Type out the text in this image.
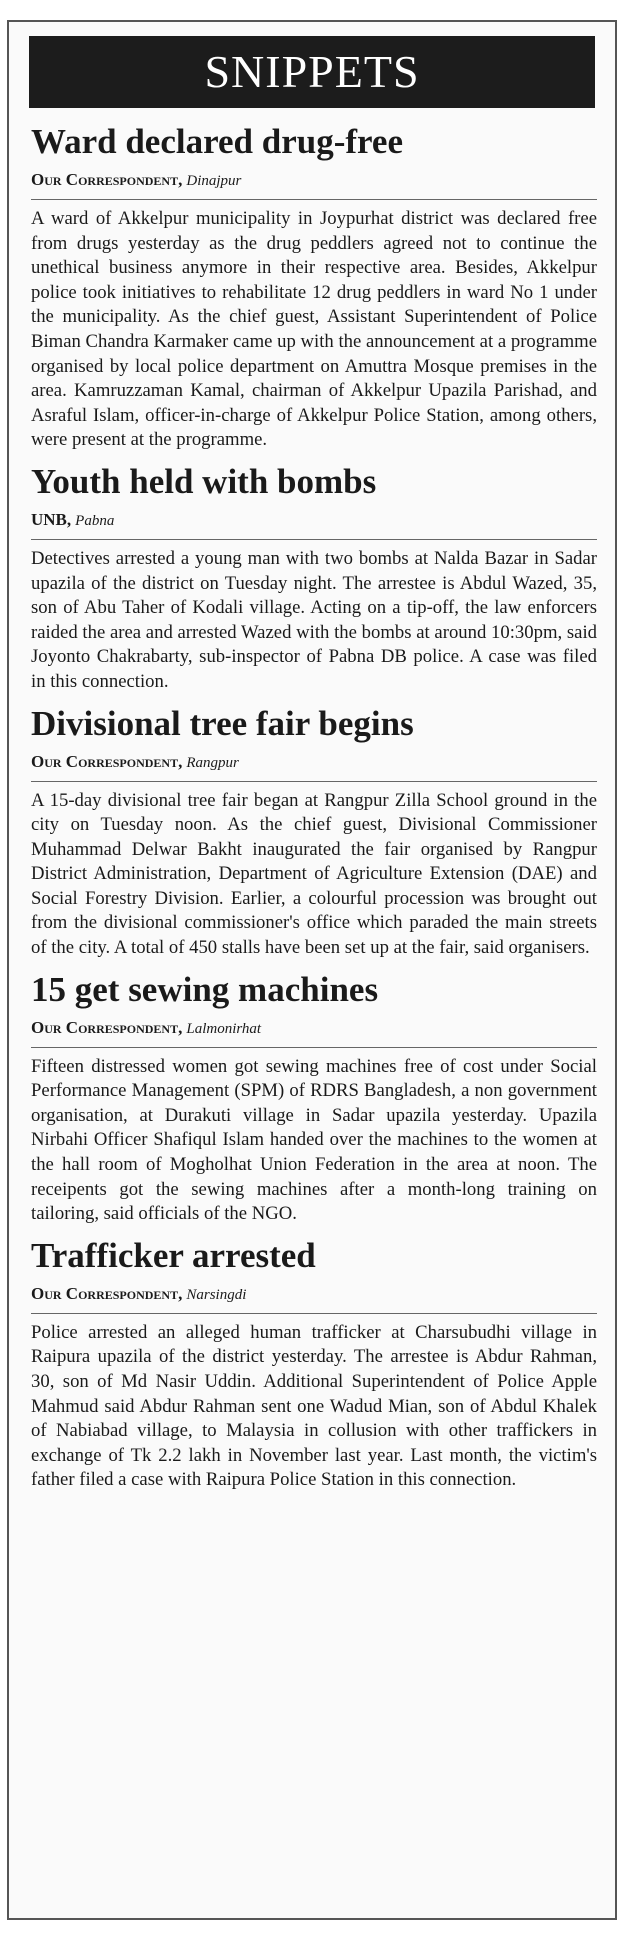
SNIPPETS
Ward declared drug-free
Our Correspondent, Dinajpur

A ward of Akkelpur municipality in Joypurhat district was declared free from drugs yesterday as the drug peddlers agreed not to continue the unethical business anymore in their respective area. Besides, Akkelpur police took initiatives to rehabilitate 12 drug peddlers in ward No 1 under the municipality. As the chief guest, Assistant Superintendent of Police Biman Chandra Karmaker came up with the announcement at a programme organised by local police department on Amuttra Mosque premises in the area. Kamruzzaman Kamal, chairman of Akkelpur Upazila Parishad, and Asraful Islam, officer-in-charge of Akkelpur Police Station, among others, were present at the programme.

Youth held with bombs
UNB, Pabna

Detectives arrested a young man with two bombs at Nalda Bazar in Sadar upazila of the district on Tuesday night. The arrestee is Abdul Wazed, 35, son of Abu Taher of Kodali village. Acting on a tip-off, the law enforcers raided the area and arrested Wazed with the bombs at around 10:30pm, said Joyonto Chakrabarty, sub-inspector of Pabna DB police. A case was filed in this connection.

Divisional tree fair begins
Our Correspondent, Rangpur

A 15-day divisional tree fair began at Rangpur Zilla School ground in the city on Tuesday noon. As the chief guest, Divisional Commissioner Muhammad Delwar Bakht inaugurated the fair organised by Rangpur District Administration, Department of Agriculture Extension (DAE) and Social Forestry Division. Earlier, a colourful procession was brought out from the divisional commissioner's office which paraded the main streets of the city. A total of 450 stalls have been set up at the fair, said organisers.

15 get sewing machines
Our Correspondent, Lalmonirhat

Fifteen distressed women got sewing machines free of cost under Social Performance Management (SPM) of RDRS Bangladesh, a non government organisation, at Durakuti village in Sadar upazila yesterday. Upazila Nirbahi Officer Shafiqul Islam handed over the machines to the women at the hall room of Mogholhat Union Federation in the area at noon. The receipents got the sewing machines after a month-long training on tailoring, said officials of the NGO.

Trafficker arrested
Our Correspondent, Narsingdi

Police arrested an alleged human trafficker at Charsubudhi village in Raipura upazila of the district yesterday. The arrestee is Abdur Rahman, 30, son of Md Nasir Uddin. Additional Superintendent of Police Apple Mahmud said Abdur Rahman sent one Wadud Mian, son of Abdul Khalek of Nabiabad village, to Malaysia in collusion with other traffickers in exchange of Tk 2.2 lakh in November last year. Last month, the victim's father filed a case with Raipura Police Station in this connection.
